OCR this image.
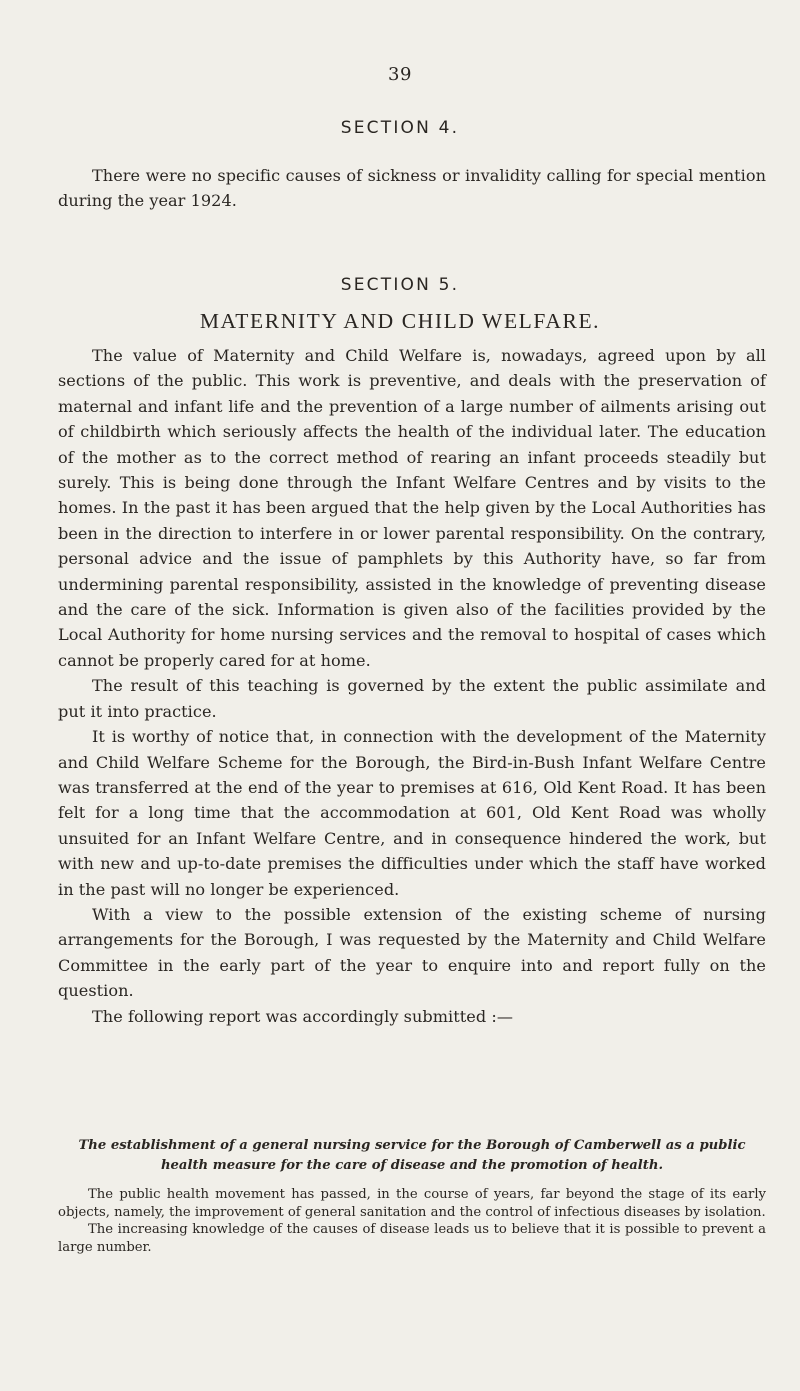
39
SECTION 4.

There were no specific causes of sickness or invalidity calling for special mention during the year 1924.

SECTION 5.
MATERNITY AND CHILD WELFARE.

The value of Maternity and Child Welfare is, nowadays, agreed upon by all sections of the public. This work is preventive, and deals with the preservation of maternal and infant life and the prevention of a large number of ailments arising out of childbirth which seriously affects the health of the individual later. The education of the mother as to the correct method of rearing an infant proceeds steadily but surely. This is being done through the Infant Welfare Centres and by visits to the homes. In the past it has been argued that the help given by the Local Authorities has been in the direction to interfere in or lower parental responsibility. On the contrary, personal advice and the issue of pamphlets by this Authority have, so far from undermining parental responsibility, assisted in the knowledge of preventing disease and the care of the sick. Information is given also of the facilities provided by the Local Authority for home nursing services and the removal to hospital of cases which cannot be properly cared for at home.

The result of this teaching is governed by the extent the public assimilate and put it into practice.

It is worthy of notice that, in connection with the development of the Maternity and Child Welfare Scheme for the Borough, the Bird-in-Bush Infant Welfare Centre was transferred at the end of the year to premises at 616, Old Kent Road. It has been felt for a long time that the accommodation at 601, Old Kent Road was wholly unsuited for an Infant Welfare Centre, and in consequence hindered the work, but with new and up-to-date premises the difficulties under which the staff have worked in the past will no longer be experienced.

With a view to the possible extension of the existing scheme of nursing arrangements for the Borough, I was requested by the Maternity and Child Welfare Committee in the early part of the year to enquire into and report fully on the question.

The following report was accordingly submitted :—

The establishment of a general nursing service for the Borough of Camberwell as a public health measure for the care of disease and the promotion of health.

The public health movement has passed, in the course of years, far beyond the stage of its early objects, namely, the improvement of general sanitation and the control of infectious diseases by isolation.

The increasing knowledge of the causes of disease leads us to believe that it is possible to prevent a large number.
